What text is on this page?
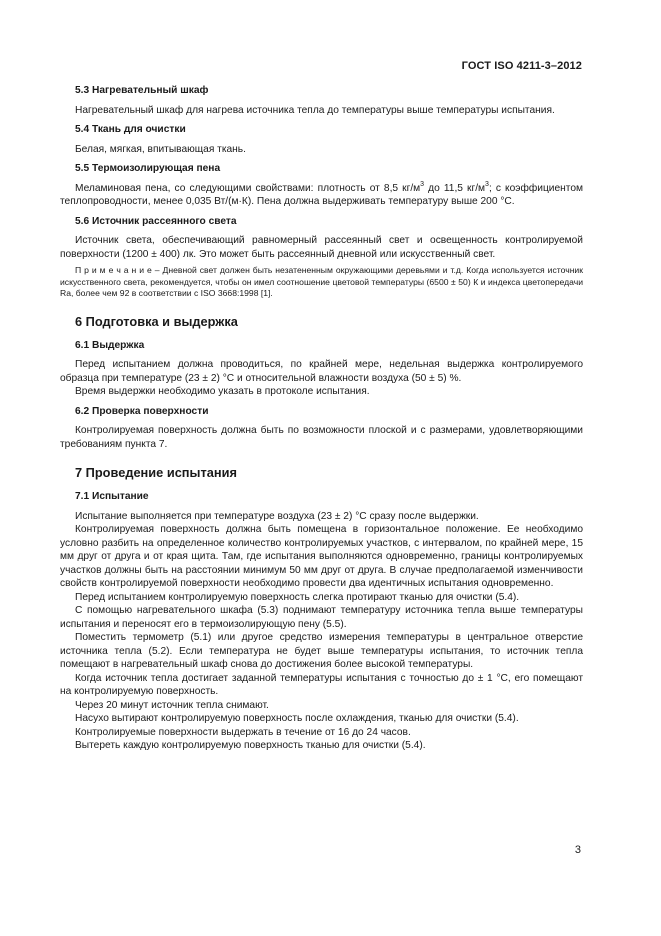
ГОСТ ISO 4211-3–2012
5.3 Нагревательный шкаф

Нагревательный шкаф для нагрева источника тепла до температуры выше температуры испытания.

5.4 Ткань для очистки

Белая, мягкая, впитывающая ткань.

5.5 Термоизолирующая пена

Меламиновая пена, со следующими свойствами: плотность от 8,5 $кг/м^3$ до 11,5 $кг/м^3$; с коэффициентом теплопроводности, менее 0,035 Вт/(м·К). Пена должна выдерживать температуру выше 200 °С.

5.6 Источник рассеянного света

Источник света, обеспечивающий равномерный рассеянный свет и освещенность контролируемой поверхности (1200 ± 400) лк. Это может быть рассеянный дневной или искусственный свет.

П р и м е ч а н и е – Дневной свет должен быть незатененным окружающими деревьями и т.д. Когда используется источник искусственного света, рекомендуется, чтобы он имел соотношение цветовой температуры (6500 ± 50) К и индекса цветопередачи Ra, более чем 92 в соответствии с ISO 3668:1998 [1].

6 Подготовка и выдержка
6.1 Выдержка

Перед испытанием должна проводиться, по крайней мере, недельная выдержка контролируемого образца при температуре (23 ± 2) °С и относительной влажности воздуха (50 ± 5) %.

Время выдержки необходимо указать в протоколе испытания.

6.2 Проверка поверхности

Контролируемая поверхность должна быть по возможности плоской и с размерами, удовлетворяющими требованиям пункта 7.

7 Проведение испытания
7.1 Испытание

Испытание выполняется при температуре воздуха (23 ± 2) °С сразу после выдержки.

Контролируемая поверхность должна быть помещена в горизонтальное положение. Ее необходимо условно разбить на определенное количество контролируемых участков, с интервалом, по крайней мере, 15 мм друг от друга и от края щита. Там, где испытания выполняются одновременно, границы контролируемых участков должны быть на расстоянии минимум 50 мм друг от друга. В случае предполагаемой изменчивости свойств контролируемой поверхности необходимо провести два идентичных испытания одновременно.

Перед испытанием контролируемую поверхность слегка протирают тканью для очистки (5.4).

С помощью нагревательного шкафа (5.3) поднимают температуру источника тепла выше температуры испытания и переносят его в термоизолирующую пену (5.5).

Поместить термометр (5.1) или другое средство измерения температуры в центральное отверстие источника тепла (5.2). Если температура не будет выше температуры испытания, то источник тепла помещают в нагревательный шкаф снова до достижения более высокой температуры.

Когда источник тепла достигает заданной температуры испытания с точностью до ± 1 °С, его помещают на контролируемую поверхность.

Через 20 минут источник тепла снимают.

Насухо вытирают контролируемую поверхность после охлаждения, тканью для очистки (5.4).

Контролируемые поверхности выдержать в течение от 16 до 24 часов.

Вытереть каждую контролируемую поверхность тканью для очистки (5.4).

3
